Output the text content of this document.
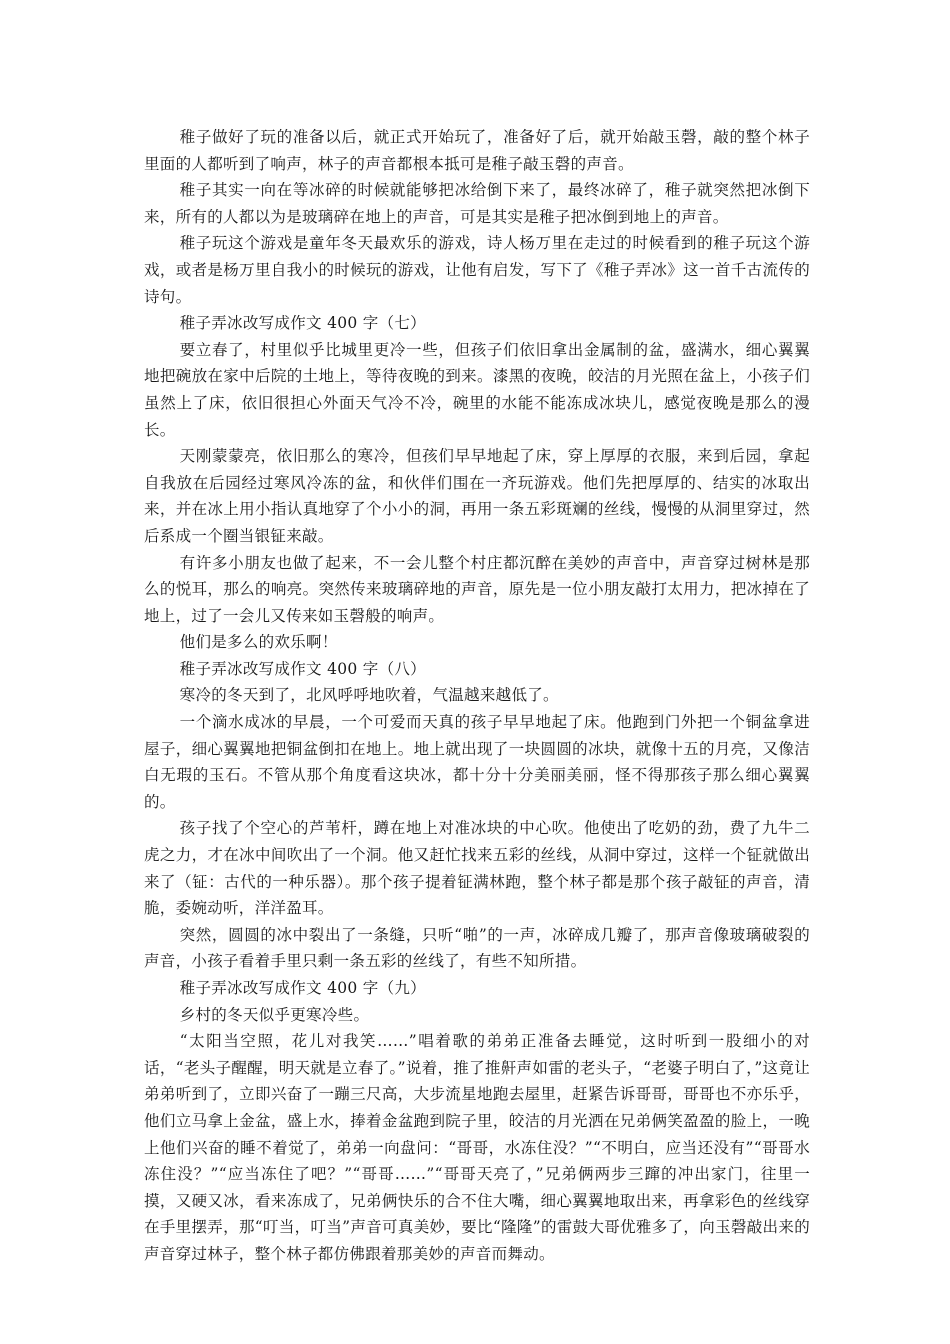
稚子做好了玩的准备以后，就正式开始玩了，准备好了后，就开始敲玉磬，敲的整个林子里面的人都听到了响声，林子的声音都根本抵可是稚子敲玉磬的声音。

稚子其实一向在等冰碎的时候就能够把冰给倒下来了，最终冰碎了，稚子就突然把冰倒下来，所有的人都以为是玻璃碎在地上的声音，可是其实是稚子把冰倒到地上的声音。

稚子玩这个游戏是童年冬天最欢乐的游戏，诗人杨万里在走过的时候看到的稚子玩这个游戏，或者是杨万里自我小的时候玩的游戏，让他有启发，写下了《稚子弄冰》这一首千古流传的诗句。

稚子弄冰改写成作文 400 字（七）

要立春了，村里似乎比城里更冷一些，但孩子们依旧拿出金属制的盆，盛满水，细心翼翼地把碗放在家中后院的土地上，等待夜晚的到来。漆黑的夜晚，皎洁的月光照在盆上，小孩子们虽然上了床，依旧很担心外面天气冷不冷，碗里的水能不能冻成冰块儿，感觉夜晚是那么的漫长。

天刚蒙蒙亮，依旧那么的寒冷，但孩们早早地起了床，穿上厚厚的衣服，来到后园，拿起自我放在后园经过寒风冷冻的盆，和伙伴们围在一齐玩游戏。他们先把厚厚的、结实的冰取出来，并在冰上用小指认真地穿了个小小的洞，再用一条五彩斑斓的丝线，慢慢的从洞里穿过，然后系成一个圈当银钲来敲。

有许多小朋友也做了起来，不一会儿整个村庄都沉醉在美妙的声音中，声音穿过树林是那么的悦耳，那么的响亮。突然传来玻璃碎地的声音，原先是一位小朋友敲打太用力，把冰掉在了地上，过了一会儿又传来如玉磬般的响声。

他们是多么的欢乐啊！

稚子弄冰改写成作文 400 字（八）

寒冷的冬天到了，北风呼呼地吹着，气温越来越低了。

一个滴水成冰的早晨，一个可爱而天真的孩子早早地起了床。他跑到门外把一个铜盆拿进屋子，细心翼翼地把铜盆倒扣在地上。地上就出现了一块圆圆的冰块，就像十五的月亮，又像洁白无瑕的玉石。不管从那个角度看这块冰，都十分十分美丽美丽，怪不得那孩子那么细心翼翼的。

孩子找了个空心的芦苇杆，蹲在地上对准冰块的中心吹。他使出了吃奶的劲，费了九牛二虎之力，才在冰中间吹出了一个洞。他又赶忙找来五彩的丝线，从洞中穿过，这样一个钲就做出来了（钲：古代的一种乐器）。那个孩子提着钲满林跑，整个林子都是那个孩子敲钲的声音，清脆，委婉动听，洋洋盈耳。

突然，圆圆的冰中裂出了一条缝，只听“啪”的一声，冰碎成几瓣了，那声音像玻璃破裂的声音，小孩子看着手里只剩一条五彩的丝线了，有些不知所措。

稚子弄冰改写成作文 400 字（九）

乡村的冬天似乎更寒冷些。

“太阳当空照，花儿对我笑……”唱着歌的弟弟正准备去睡觉，这时听到一股细小的对话，“老头子醒醒，明天就是立春了。”说着，推了推鼾声如雷的老头子，“老婆子明白了，”这竟让弟弟听到了，立即兴奋了一蹦三尺高，大步流星地跑去屋里，赶紧告诉哥哥，哥哥也不亦乐乎，他们立马拿上金盆，盛上水，捧着金盆跑到院子里，皎洁的月光洒在兄弟俩笑盈盈的脸上，一晚上他们兴奋的睡不着觉了，弟弟一向盘问：“哥哥，水冻住没？”“不明白，应当还没有”“哥哥水冻住没？”“应当冻住了吧？”“哥哥……”“哥哥天亮了，”兄弟俩两步三蹿的冲出家门，往里一摸，又硬又冰，看来冻成了，兄弟俩快乐的合不住大嘴，细心翼翼地取出来，再拿彩色的丝线穿在手里摆弄，那“叮当，叮当”声音可真美妙，要比“隆隆”的雷鼓大哥优雅多了，向玉磬敲出来的声音穿过林子，整个林子都仿佛跟着那美妙的声音而舞动。
